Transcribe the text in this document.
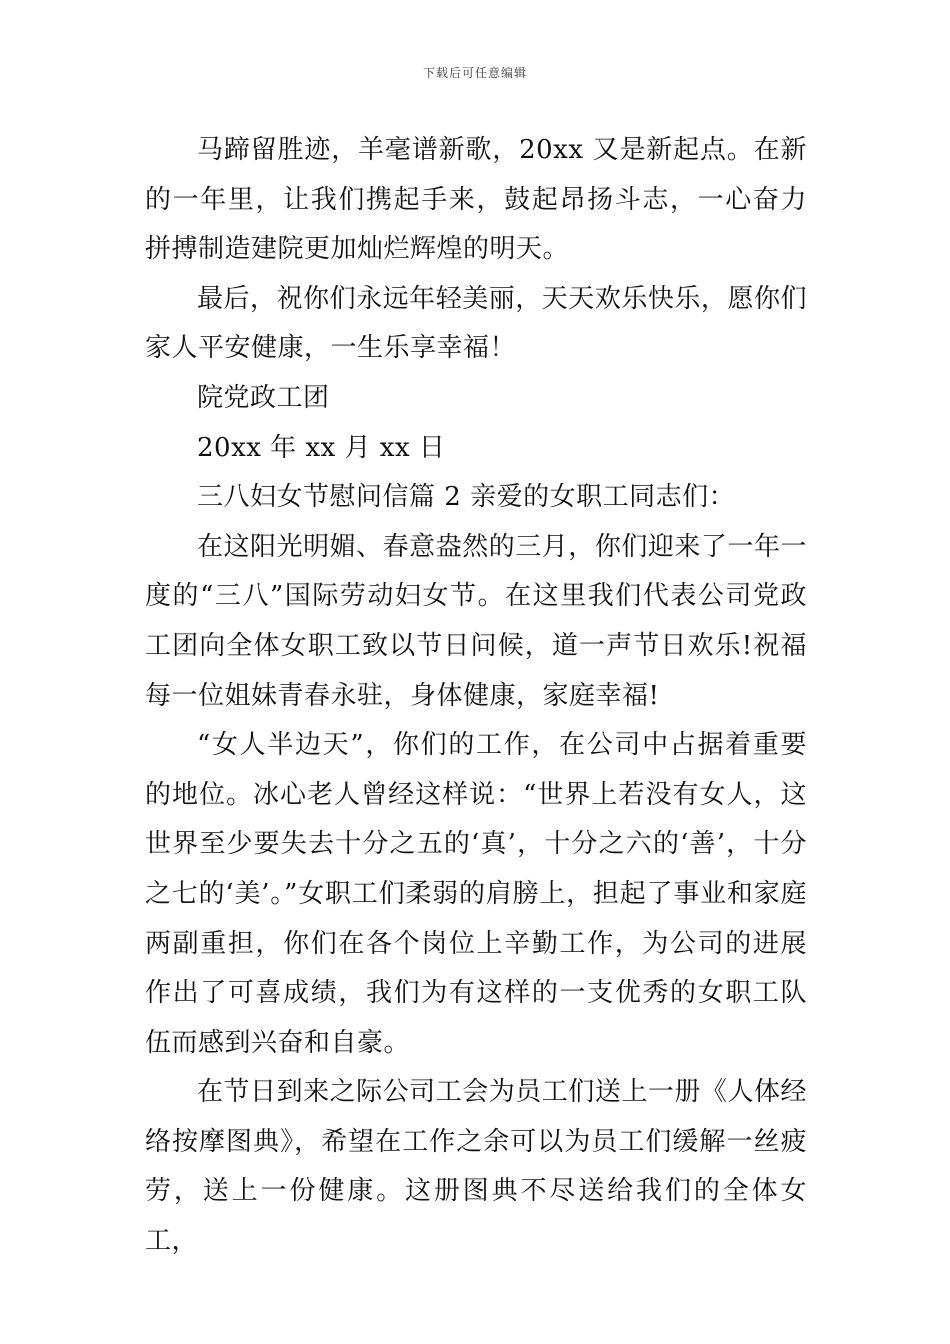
下载后可任意编辑

马蹄留胜迹，羊毫谱新歌，20xx 又是新起点。在新的一年里，让我们携起手来，鼓起昂扬斗志，一心奋力拼搏制造建院更加灿烂辉煌的明天。

最后，祝你们永远年轻美丽，天天欢乐快乐，愿你们家人平安健康，一生乐享幸福！

院党政工团

20xx 年 xx 月 xx 日

三八妇女节慰问信篇 2 亲爱的女职工同志们：

在这阳光明媚、春意盎然的三月，你们迎来了一年一度的“三八”国际劳动妇女节。在这里我们代表公司党政工团向全体女职工致以节日问候，道一声节日欢乐!祝福每一位姐妹青春永驻，身体健康，家庭幸福!

“女人半边天”，你们的工作，在公司中占据着重要的地位。冰心老人曾经这样说：“世界上若没有女人，这世界至少要失去十分之五的‘真’，十分之六的‘善’，十分之七的‘美’。”女职工们柔弱的肩膀上，担起了事业和家庭两副重担，你们在各个岗位上辛勤工作，为公司的进展作出了可喜成绩，我们为有这样的一支优秀的女职工队伍而感到兴奋和自豪。

在节日到来之际公司工会为员工们送上一册《人体经络按摩图典》，希望在工作之余可以为员工们缓解一丝疲劳，送上一份健康。这册图典不尽送给我们的全体女工，
